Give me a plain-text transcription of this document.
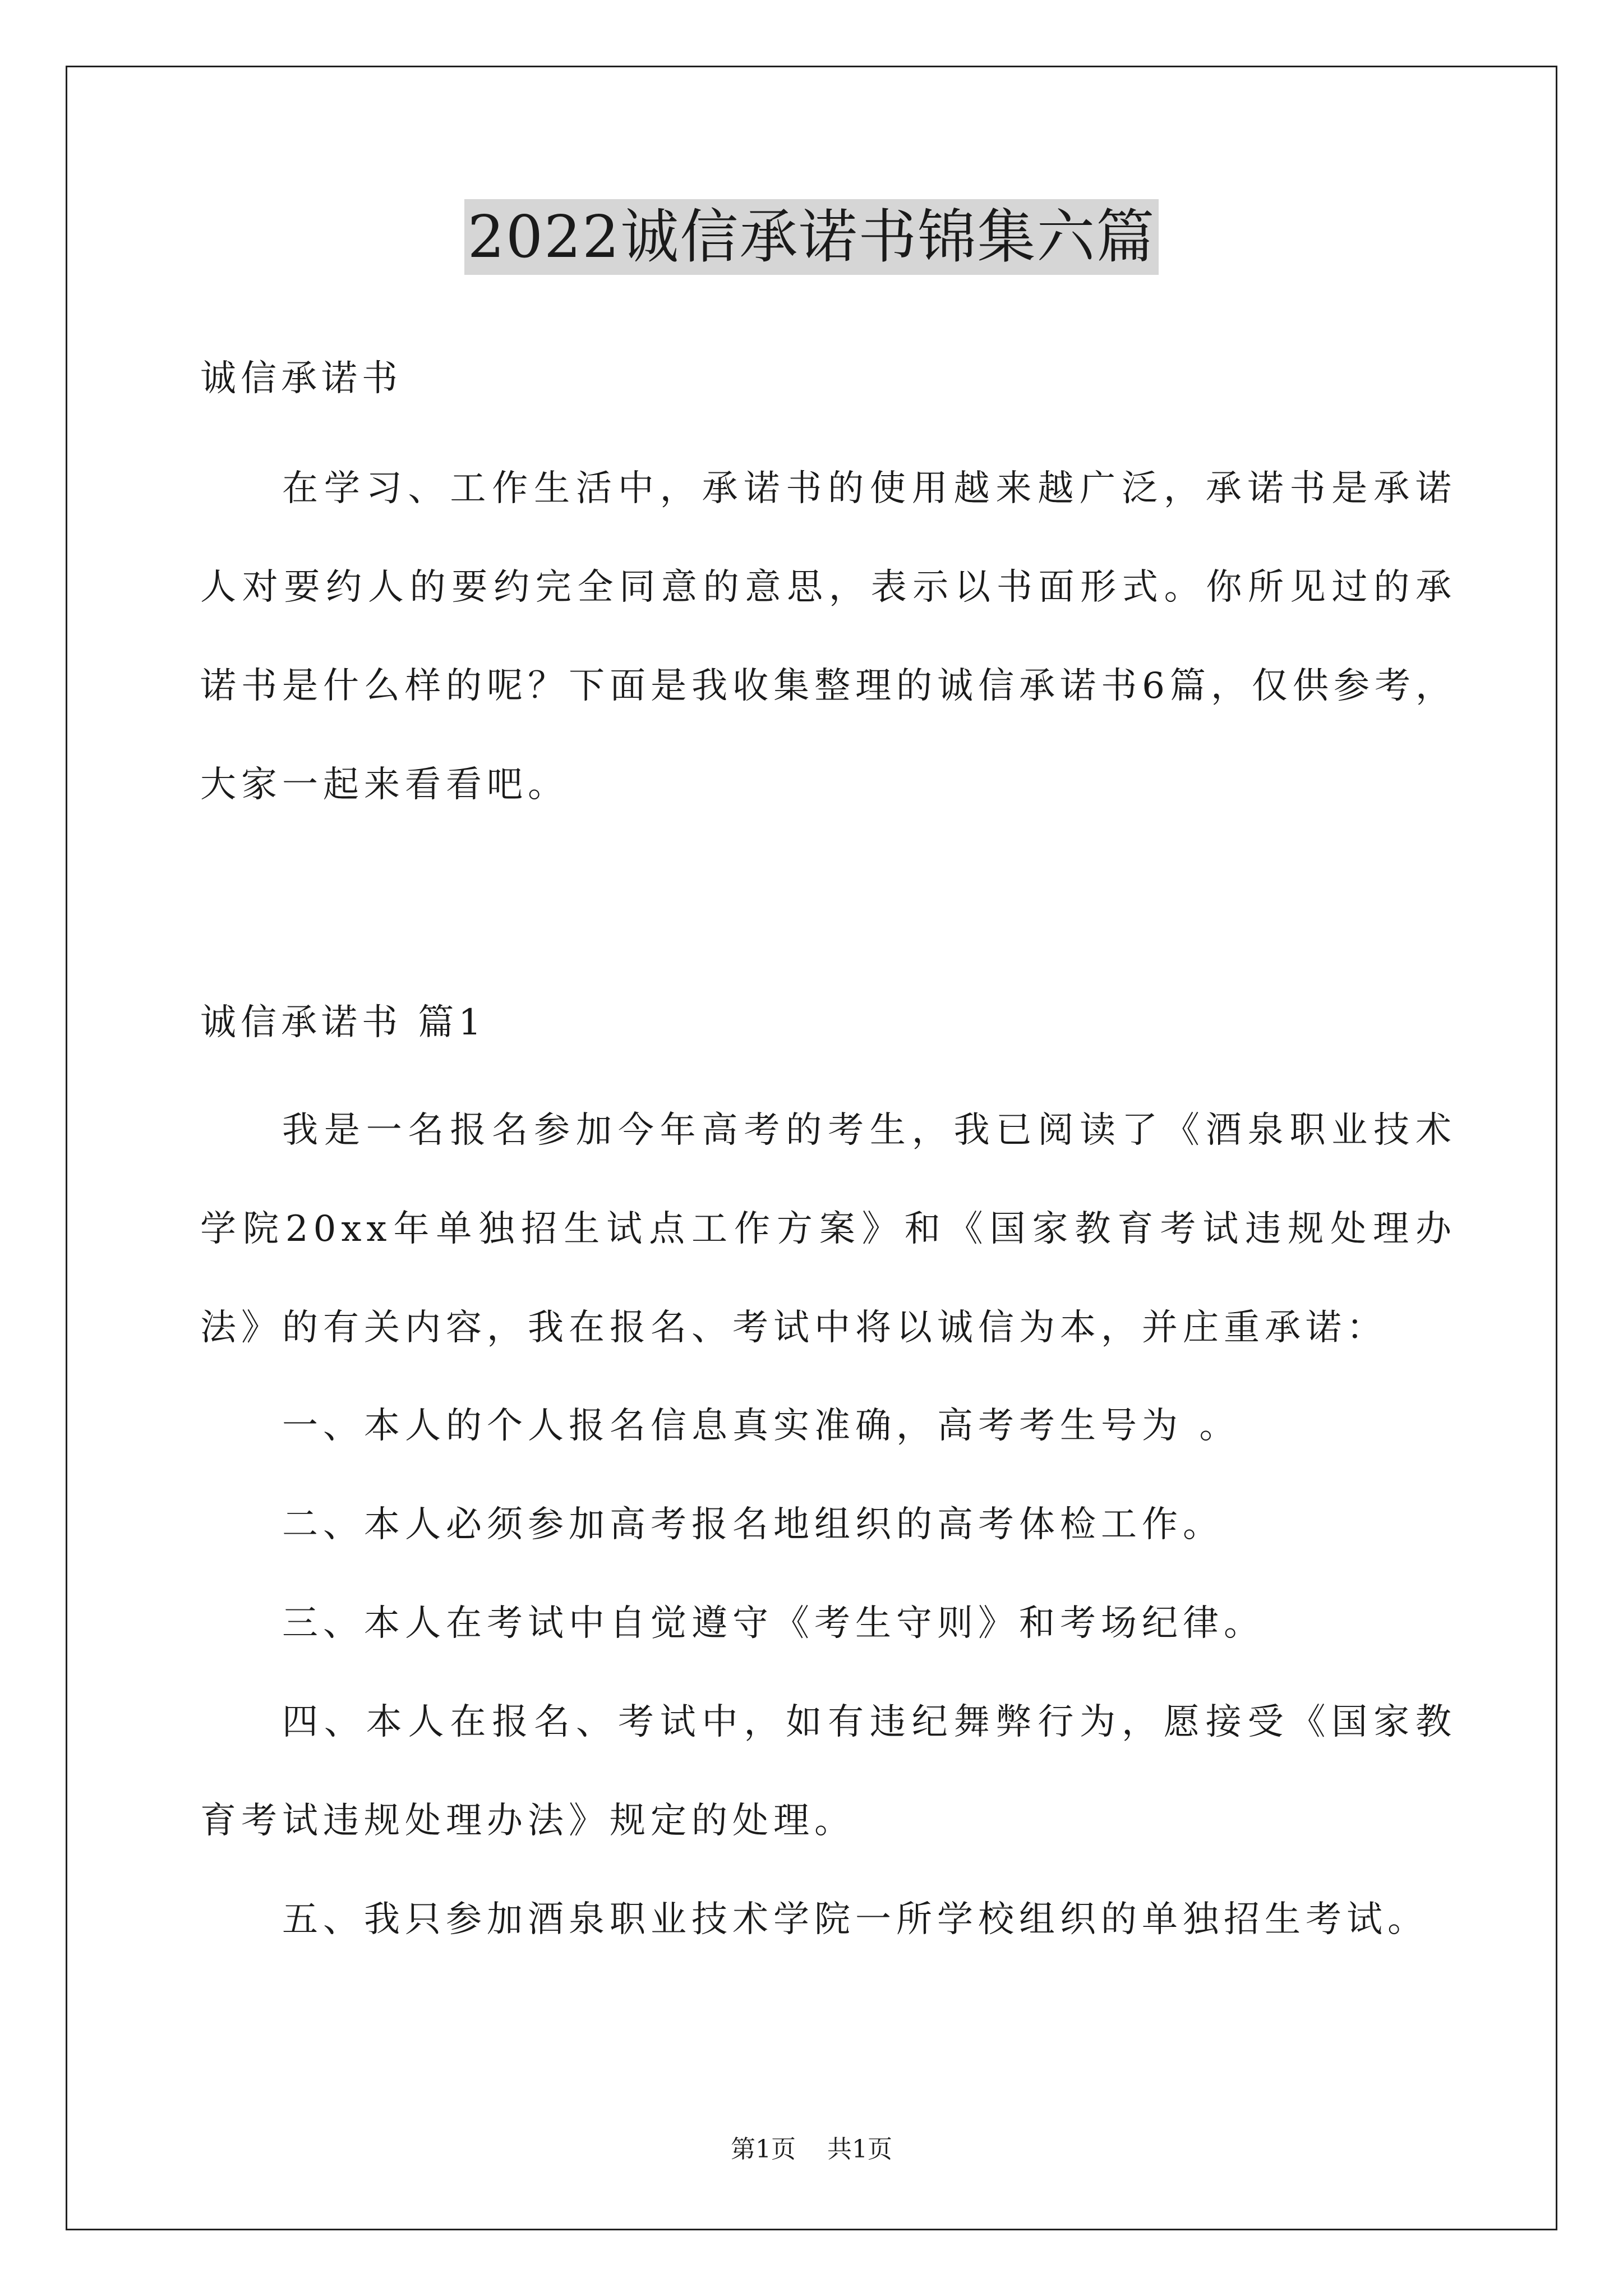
2022诚信承诺书锦集六篇
诚信承诺书

在学习、工作生活中，承诺书的使用越来越广泛，承诺书是承诺人对要约人的要约完全同意的意思，表示以书面形式。你所见过的承诺书是什么样的呢？下面是我收集整理的诚信承诺书6篇，仅供参考，大家一起来看看吧。

诚信承诺书 篇1

我是一名报名参加今年高考的考生，我已阅读了《酒泉职业技术学院20xx年单独招生试点工作方案》和《国家教育考试违规处理办法》的有关内容，我在报名、考试中将以诚信为本，并庄重承诺：

一、本人的个人报名信息真实准确，高考考生号为 。

二、本人必须参加高考报名地组织的高考体检工作。

三、本人在考试中自觉遵守《考生守则》和考场纪律。

四、本人在报名、考试中，如有违纪舞弊行为，愿接受《国家教育考试违规处理办法》规定的处理。

五、我只参加酒泉职业技术学院一所学校组织的单独招生考试。

第1页 共1页
